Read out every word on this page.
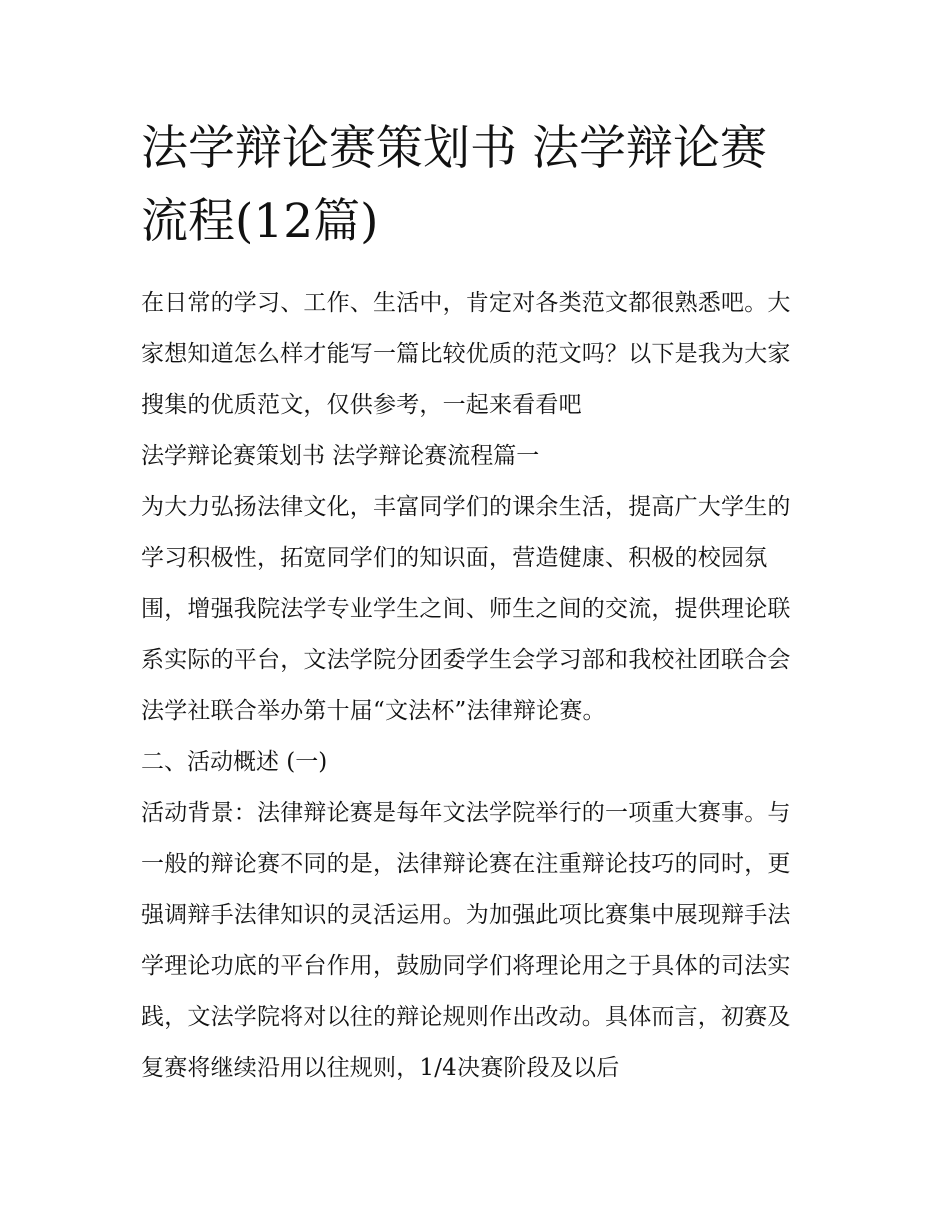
法学辩论赛策划书 法学辩论赛流程(12篇)

在日常的学习、工作、生活中，肯定对各类范文都很熟悉吧。大家想知道怎么样才能写一篇比较优质的范文吗？以下是我为大家搜集的优质范文，仅供参考，一起来看看吧

法学辩论赛策划书 法学辩论赛流程篇一

为大力弘扬法律文化，丰富同学们的课余生活，提高广大学生的学习积极性，拓宽同学们的知识面，营造健康、积极的校园氛围，增强我院法学专业学生之间、师生之间的交流，提供理论联系实际的平台，文法学院分团委学生会学习部和我校社团联合会法学社联合举办第十届“文法杯”法律辩论赛。

二、活动概述 (一)

活动背景：法律辩论赛是每年文法学院举行的一项重大赛事。与一般的辩论赛不同的是，法律辩论赛在注重辩论技巧的同时，更强调辩手法律知识的灵活运用。为加强此项比赛集中展现辩手法学理论功底的平台作用，鼓励同学们将理论用之于具体的司法实践，文法学院将对以往的辩论规则作出改动。具体而言，初赛及复赛将继续沿用以往规则，1/4决赛阶段及以后
